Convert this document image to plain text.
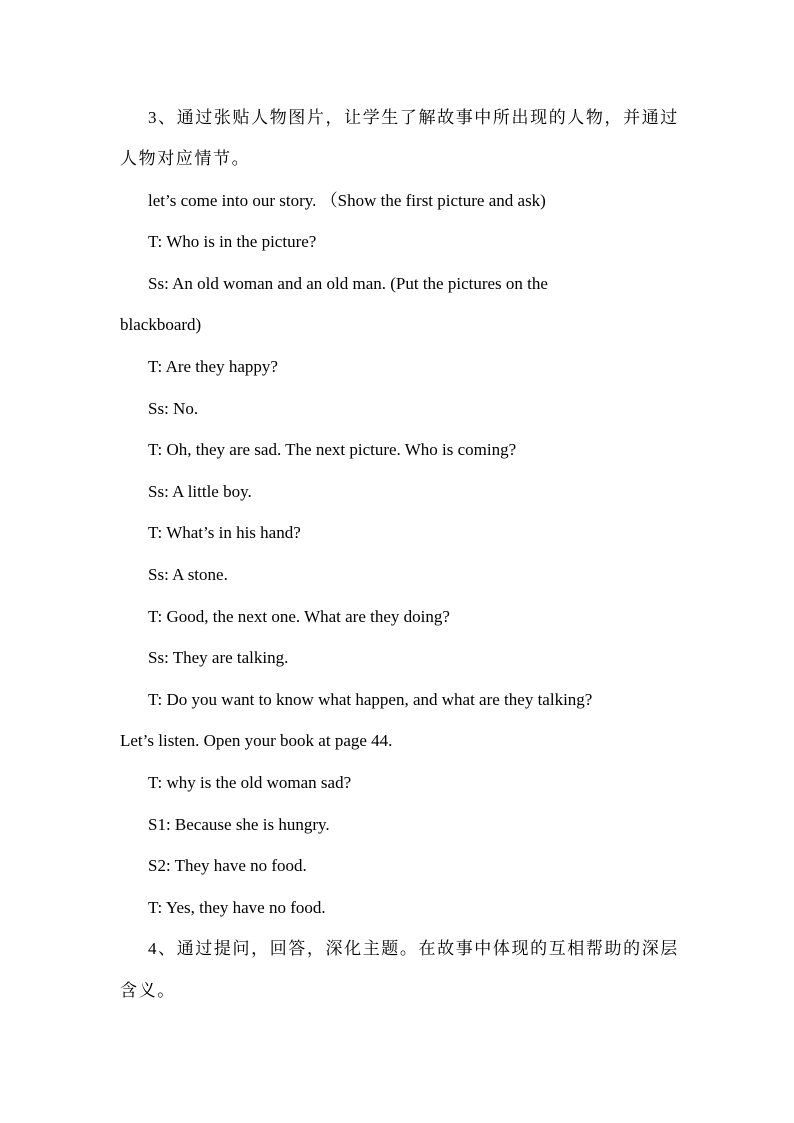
3、通过张贴人物图片，让学生了解故事中所出现的人物，并通过
人物对应情节。
let’s come into our story. （Show the first picture and ask)
T: Who is in the picture?
Ss: An old woman and an old man. (Put the pictures on the
blackboard)
T: Are they happy?
Ss: No.
T: Oh, they are sad. The next picture. Who is coming?
Ss: A little boy.
T: What’s in his hand?
Ss: A stone.
T: Good, the next one. What are they doing?
Ss: They are talking.
T: Do you want to know what happen, and what are they talking?
Let’s listen. Open your book at page 44.
T: why is the old woman sad?
S1: Because she is hungry.
S2: They have no food.
T: Yes, they have no food.
4、通过提问，回答，深化主题。在故事中体现的互相帮助的深层
含义。
